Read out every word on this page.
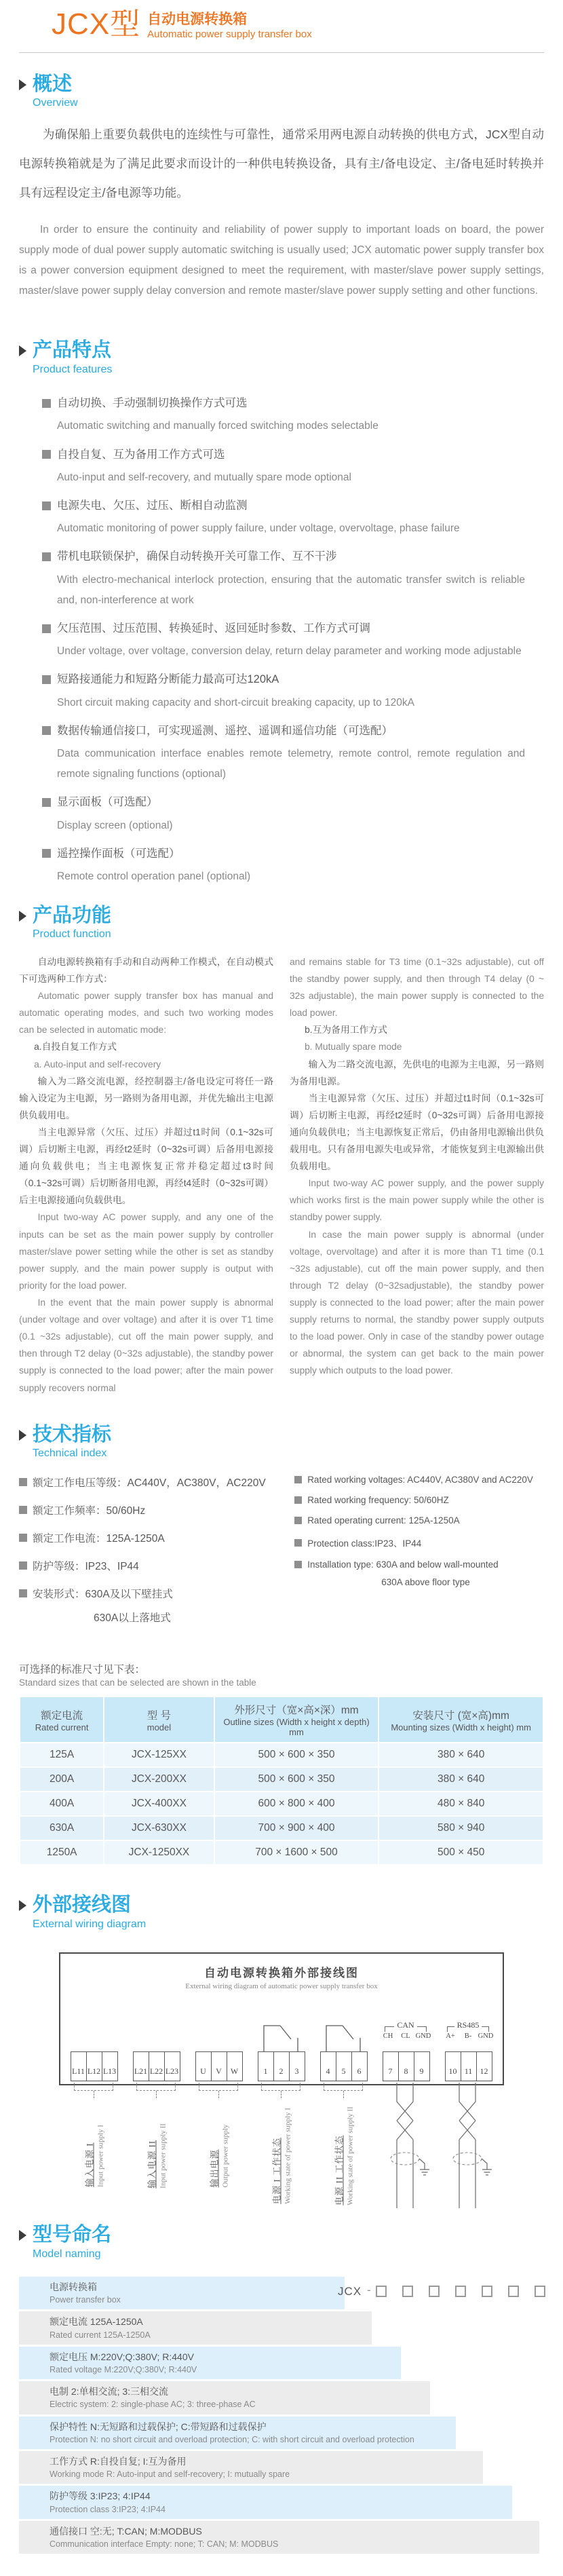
JCX型 自动电源转换箱
Automatic power supply transfer box
概述
Overview

为确保船上重要负载供电的连续性与可靠性，通常采用两电源自动转换的供电方式，JCX型自动电源转换箱就是为了满足此要求而设计的一种供电转换设备，具有主/备电设定、主/备电延时转换并具有远程设定主/备电源等功能。

In order to ensure the continuity and reliability of power supply to important loads on board, the power supply mode of dual power supply automatic switching is usually used; JCX automatic power supply transfer box is a power conversion equipment designed to meet the requirement, with master/slave power supply settings, master/slave power supply delay conversion and remote master/slave power supply setting and other functions.

产品特点
Product features
自动切换、手动强制切换操作方式可选
Automatic switching and manually forced switching modes selectable
自投自复、互为备用工作方式可选
Auto-input and self-recovery, and mutually spare mode optional
电源失电、欠压、过压、断相自动监测
Automatic monitoring of power supply failure, under voltage, overvoltage, phase failure
带机电联锁保护，确保自动转换开关可靠工作、互不干涉
With electro-mechanical interlock protection, ensuring that the automatic transfer switch is reliable and, non-interference at work
欠压范围、过压范围、转换延时、返回延时参数、工作方式可调
Under voltage, over voltage, conversion delay, return delay parameter and working mode adjustable
短路接通能力和短路分断能力最高可达120kA
Short circuit making capacity and short-circuit breaking capacity, up to 120kA
数据传输通信接口，可实现遥测、遥控、遥调和遥信功能（可选配）
Data communication interface enables remote telemetry, remote control, remote regulation and remote signaling functions (optional)
显示面板（可选配）
Display screen (optional)
遥控操作面板（可选配）
Remote control operation panel (optional)
产品功能
Product function

自动电源转换箱有手动和自动两种工作模式，在自动模式下可选两种工作方式：

Automatic power supply transfer box has manual and automatic operating modes, and such two working modes can be selected in automatic mode:

a.自投自复工作方式

a. Auto-input and self-recovery

输入为二路交流电源，经控制器主/备电设定可将任一路输入设定为主电源，另一路则为备用电源，并优先输出主电源供负载用电。

当主电源异常（欠压、过压）并超过t1时间（0.1~32s可调）后切断主电源，再经t2延时（0~32s可调）后备用电源接通向负载供电；当主电源恢复正常并稳定超过t3时间（0.1~32s可调）后切断备用电源，再经t4延时（0~32s可调）后主电源接通向负载供电。

Input two-way AC power supply, and any one of the inputs can be set as the main power supply by controller master/slave power setting while the other is set as standby power supply, and the main power supply is output with priority for the load power.

In the event that the main power supply is abnormal (under voltage and over voltage) and after it is over T1 time (0.1 ~32s adjustable), cut off the main power supply, and then through T2 delay (0~32s adjustable), the standby power supply is connected to the load power; after the main power supply recovers normal

and remains stable for T3 time (0.1~32s adjustable), cut off the standby power supply, and then through T4 delay (0 ~ 32s adjustable), the main power supply is connected to the load power.

b.互为备用工作方式

b. Mutually spare mode

输入为二路交流电源，先供电的电源为主电源，另一路则为备用电源。

当主电源异常（欠压、过压）并超过t1时间（0.1~32s可调）后切断主电源，再经t2延时（0~32s可调）后备用电源接通向负载供电；当主电源恢复正常后，仍由备用电源输出供负载用电。只有备用电源失电或异常，才能恢复到主电源输出供负载用电。

Input two-way AC power supply, and the power supply which works first is the main power supply while the other is standby power supply.

In case the main power supply is abnormal (under voltage, overvoltage) and after it is more than T1 time (0.1 ~32s adjustable), cut off the main power supply, and then through T2 delay (0~32sadjustable), the standby power supply is connected to the load power; after the main power supply returns to normal, the standby power supply outputs to the load power. Only in case of the standby power outage or abnormal, the system can get back to the main power supply which outputs to the load power.

技术指标
Technical index
额定工作电压等级：AC440V，AC380V，AC220V
额定工作频率：50/60Hz
额定工作电流：125A-1250A
防护等级：IP23、IP44
安装形式：630A及以下壁挂式
630A以上落地式
Rated working voltages: AC440V, AC380V and AC220V
Rated working frequency: 50/60HZ
Rated operating current: 125A-1250A
Protection class:IP23、IP44
Installation type: 630A and below wall-mounted
630A above floor type
可选择的标准尺寸见下表：
Standard sizes that can be selected are shown in the table
额定电流
Rated current

型 号
model

外形尺寸（宽×高×深）mm
Outline sizes (Width x height x depth) mm

安装尺寸 (宽×高)mm
Mounting sizes (Width x height) mm

125A	JCX-125XX	500 × 600 × 350	380 × 640
200A	JCX-200XX	500 × 600 × 350	380 × 640
400A	JCX-400XX	600 × 800 × 400	480 × 840
630A	JCX-630XX	700 × 900 × 400	580 × 940
1250A	JCX-1250XX	700 × 1600 × 500	500 × 450
外部接线图
External wiring diagram
自动电源转换箱外部接线图
External wiring diagram of automatic power supply transfer box
L11 L12 L13
输入电源 I Input power supply I
L21 L22 L23
输入电源 II Input power supply II
U	V	W
输出电源 Output power supply
1	2	3
电源 I 工作状态 Working state of power supply I
4	5	6
电源 II 工作状态 Working state of power supply II
CAN
CH	CL GND
7	8	9
RS485
A+	B- GND
10 11 12
型号命名
Model naming
JCX -
电源转换箱
Power transfer box
额定电流 125A-1250A
Rated current 125A-1250A
额定电压 M:220V;Q:380V; R:440V
Rated voltage M:220V;Q:380V; R:440V
电制 2:单相交流; 3:三相交流
Electric system: 2: single-phase AC; 3: three-phase AC
保护特性 N:无短路和过载保护; C:带短路和过载保护
Protection N: no short circuit and overload protection; C: with short circuit and overload protection
工作方式 R:自投自复; I:互为备用
Working mode R: Auto-input and self-recovery; I: mutually spare
防护等级 3:IP23; 4:IP44
Protection class 3:IP23; 4:IP44
通信接口 空:无; T:CAN; M:MODBUS
Communication interface Empty: none; T: CAN; M: MODBUS
